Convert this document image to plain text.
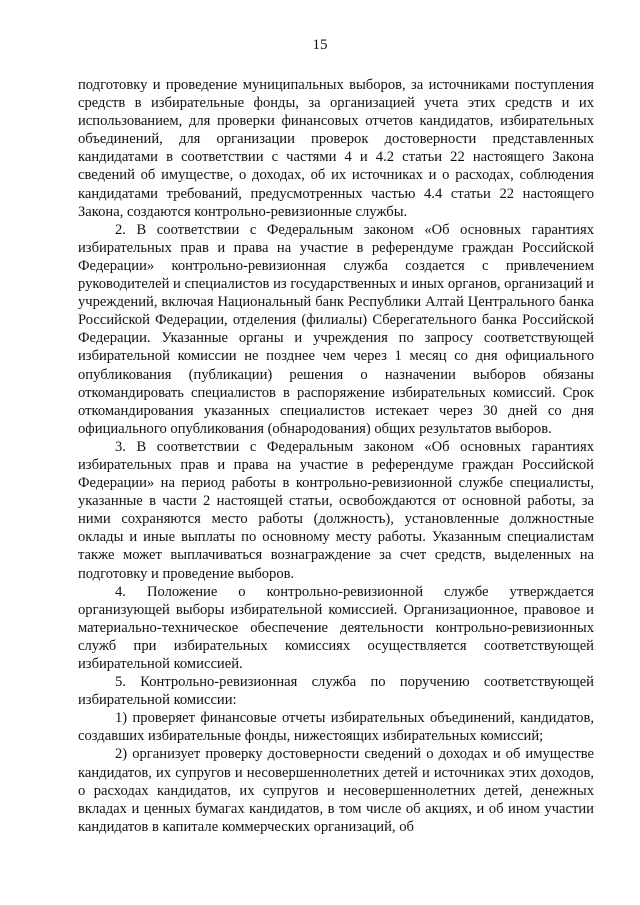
15

подготовку и проведение муниципальных выборов, за источниками поступления средств в избирательные фонды, за организацией учета этих средств и их использованием, для проверки финансовых отчетов кандидатов, избирательных объединений, для организации проверок достоверности представленных кандидатами в соответствии с частями 4 и 4.2 статьи 22 настоящего Закона сведений об имуществе, о доходах, об их источниках и о расходах, соблюдения кандидатами требований, предусмотренных частью 4.4 статьи 22 настоящего Закона, создаются контрольно-ревизионные службы.

2. В соответствии с Федеральным законом «Об основных гарантиях избирательных прав и права на участие в референдуме граждан Российской Федерации» контрольно-ревизионная служба создается с привлечением руководителей и специалистов из государственных и иных органов, организаций и учреждений, включая Национальный банк Республики Алтай Центрального банка Российской Федерации, отделения (филиалы) Сберегательного банка Российской Федерации. Указанные органы и учреждения по запросу соответствующей избирательной комиссии не позднее чем через 1 месяц со дня официального опубликования (публикации) решения о назначении выборов обязаны откомандировать специалистов в распоряжение избирательных комиссий. Срок откомандирования указанных специалистов истекает через 30 дней со дня официального опубликования (обнародования) общих результатов выборов.

3. В соответствии с Федеральным законом «Об основных гарантиях избирательных прав и права на участие в референдуме граждан Российской Федерации» на период работы в контрольно-ревизионной службе специалисты, указанные в части 2 настоящей статьи, освобождаются от основной работы, за ними сохраняются место работы (должность), установленные должностные оклады и иные выплаты по основному месту работы. Указанным специалистам также может выплачиваться вознаграждение за счет средств, выделенных на подготовку и проведение выборов.

4. Положение о контрольно-ревизионной службе утверждается организующей выборы избирательной комиссией. Организационное, правовое и материально-техническое обеспечение деятельности контрольно-ревизионных служб при избирательных комиссиях осуществляется соответствующей избирательной комиссией.

5. Контрольно-ревизионная служба по поручению соответствующей избирательной комиссии:

1) проверяет финансовые отчеты избирательных объединений, кандидатов, создавших избирательные фонды, нижестоящих избирательных комиссий;

2) организует проверку достоверности сведений о доходах и об имуществе кандидатов, их супругов и несовершеннолетних детей и источниках этих доходов, о расходах кандидатов, их супругов и несовершеннолетних детей, денежных вкладах и ценных бумагах кандидатов, в том числе об акциях, и об ином участии кандидатов в капитале коммерческих организаций, об
